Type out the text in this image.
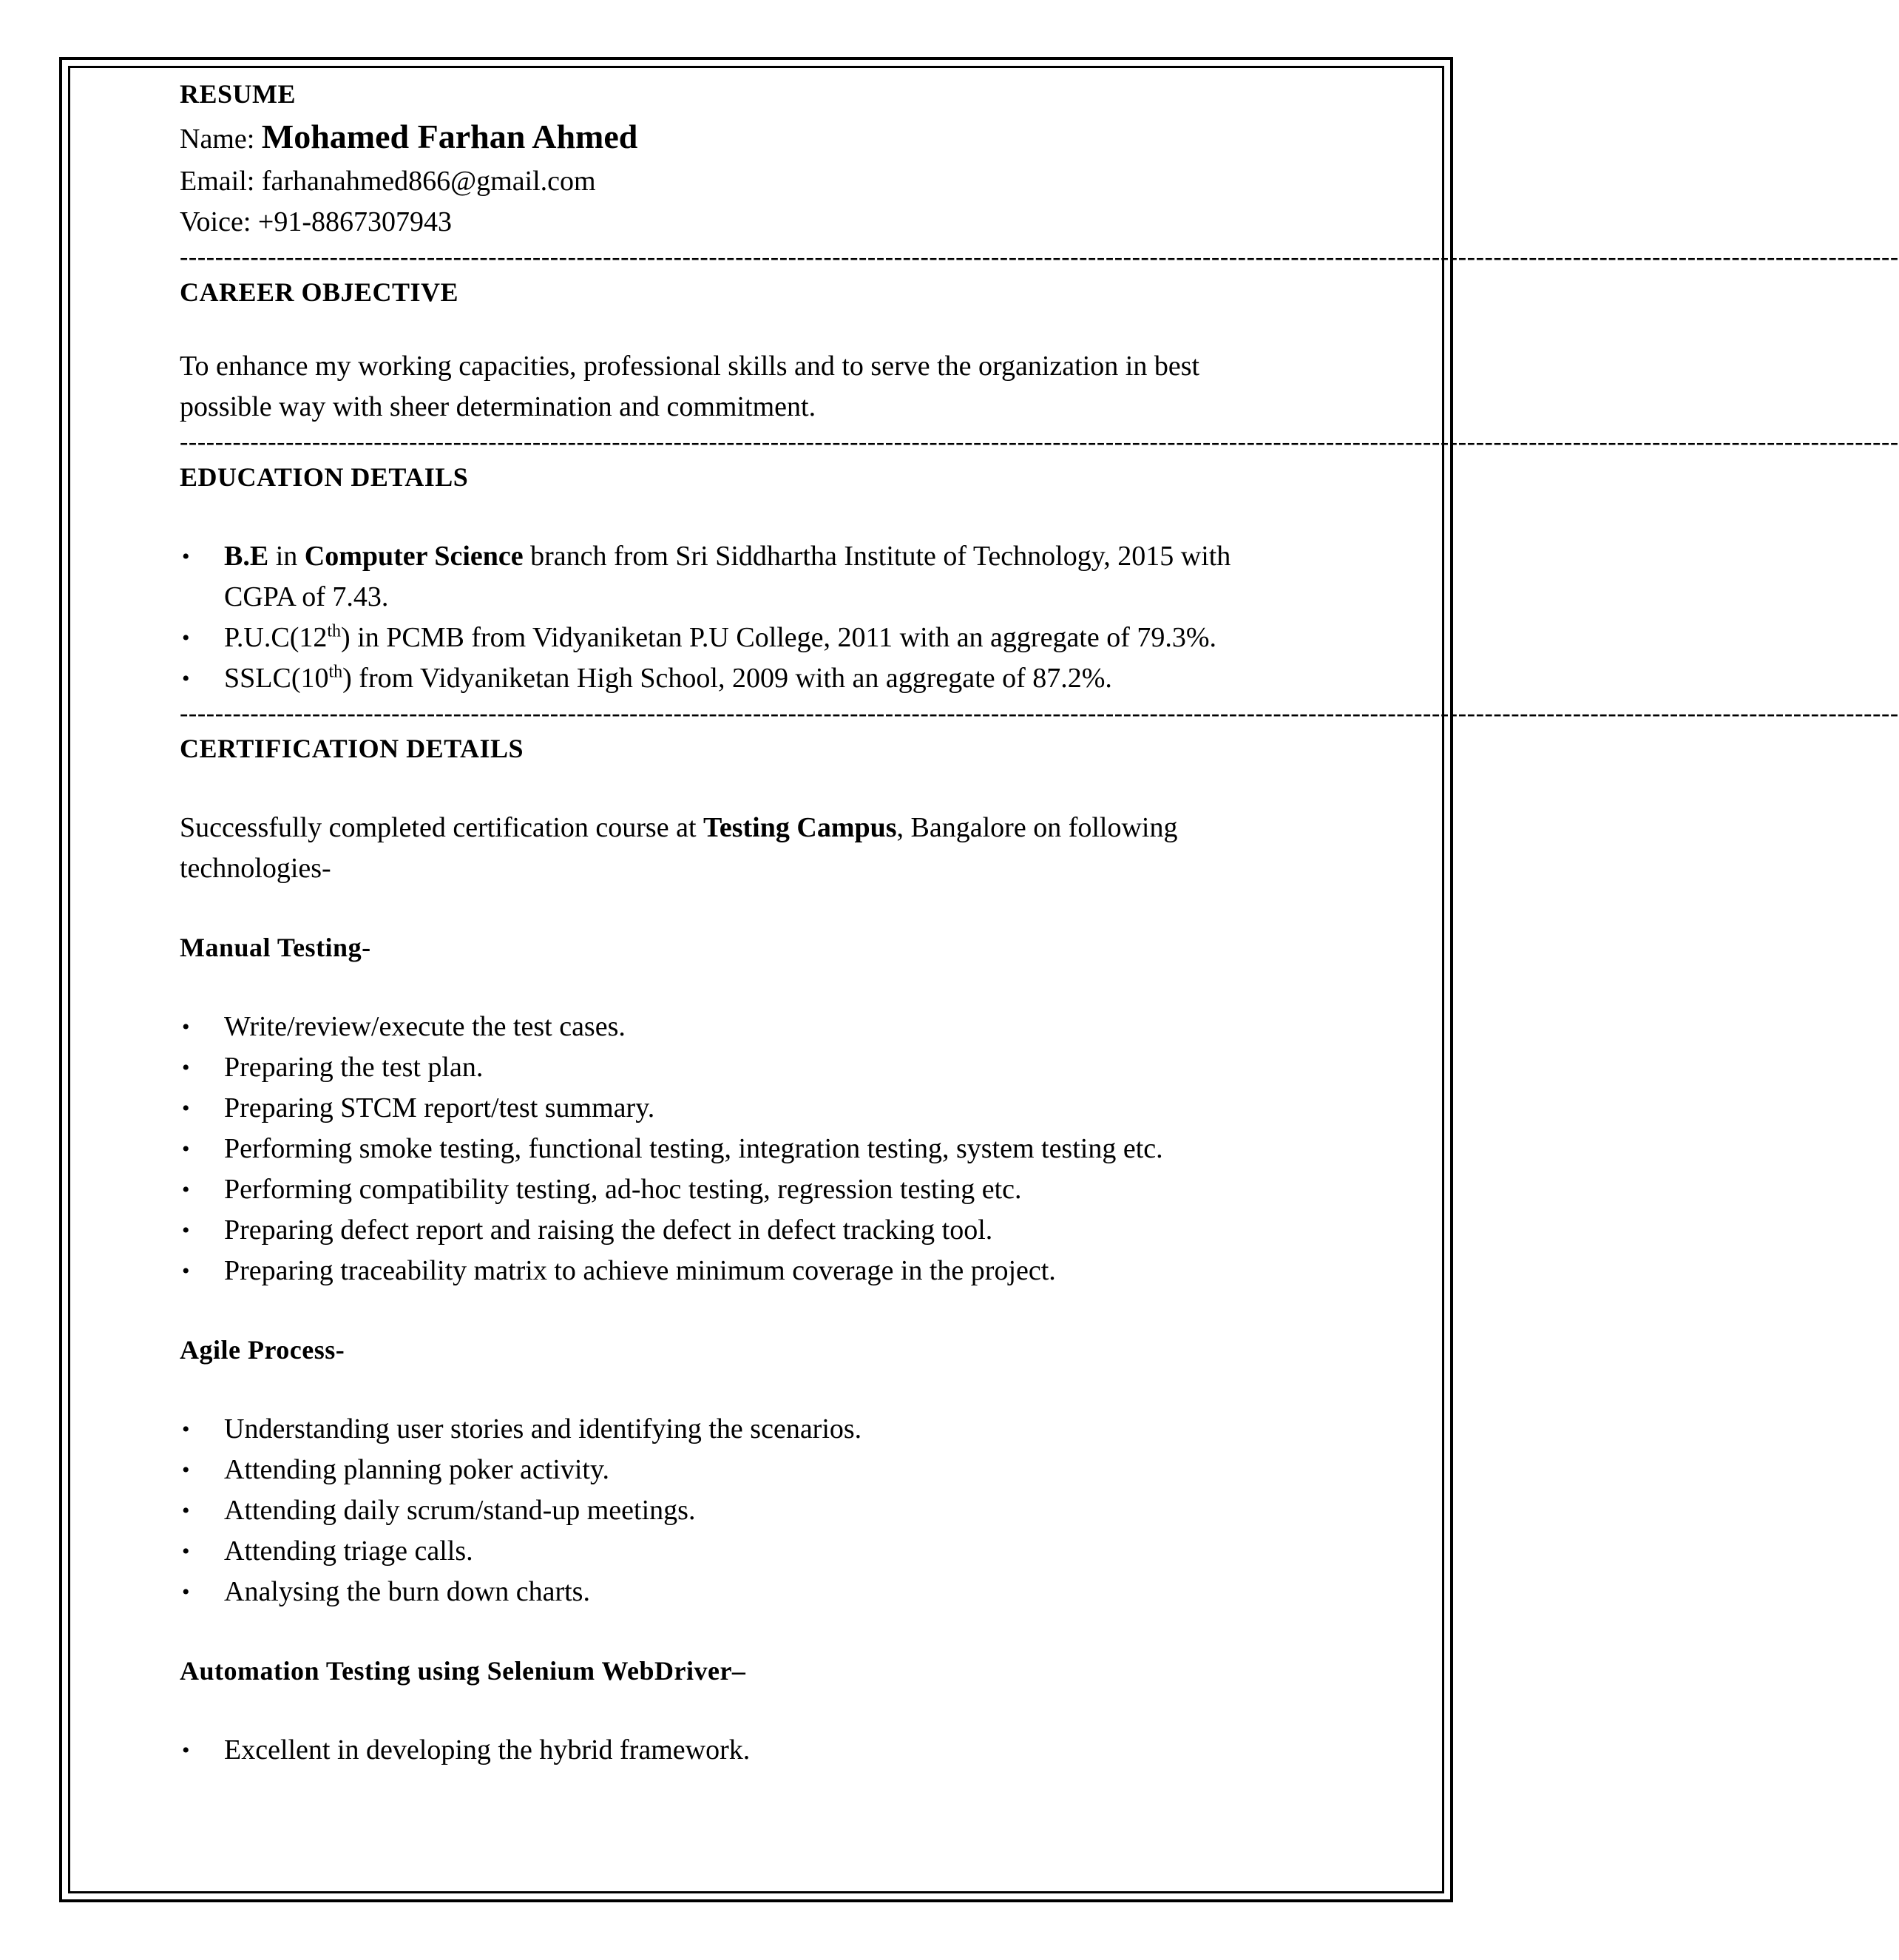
RESUME

Name: Mohamed Farhan Ahmed

Email: farhanahmed866@gmail.com

Voice: +91-8867307943

---------------------------------------------------------------------------------------------------------------------------------------------------------------------------------------------------

CAREER OBJECTIVE

To enhance my working capacities, professional skills and to serve the organization in best

possible way with sheer determination and commitment.

---------------------------------------------------------------------------------------------------------------------------------------------------------------------------------------------------

EDUCATION DETAILS

• B.E in Computer Science branch from Sri Siddhartha Institute of Technology, 2015 with
CGPA of 7.43.
• P.U.C(12th) in PCMB from Vidyaniketan P.U College, 2011 with an aggregate of 79.3%.
• SSLC(10th) from Vidyaniketan High School, 2009 with an aggregate of 87.2%.
---------------------------------------------------------------------------------------------------------------------------------------------------------------------------------------------------

CERTIFICATION DETAILS

Successfully completed certification course at Testing Campus, Bangalore on following

technologies-

Manual Testing-

• Write/review/execute the test cases.
• Preparing the test plan.
• Preparing STCM report/test summary.
• Performing smoke testing, functional testing, integration testing, system testing etc.
• Performing compatibility testing, ad-hoc testing, regression testing etc.
• Preparing defect report and raising the defect in defect tracking tool.
• Preparing traceability matrix to achieve minimum coverage in the project.

Agile Process-

• Understanding user stories and identifying the scenarios.
• Attending planning poker activity.
• Attending daily scrum/stand-up meetings.
• Attending triage calls.
• Analysing the burn down charts.

Automation Testing using Selenium WebDriver–

• Excellent in developing the hybrid framework.
